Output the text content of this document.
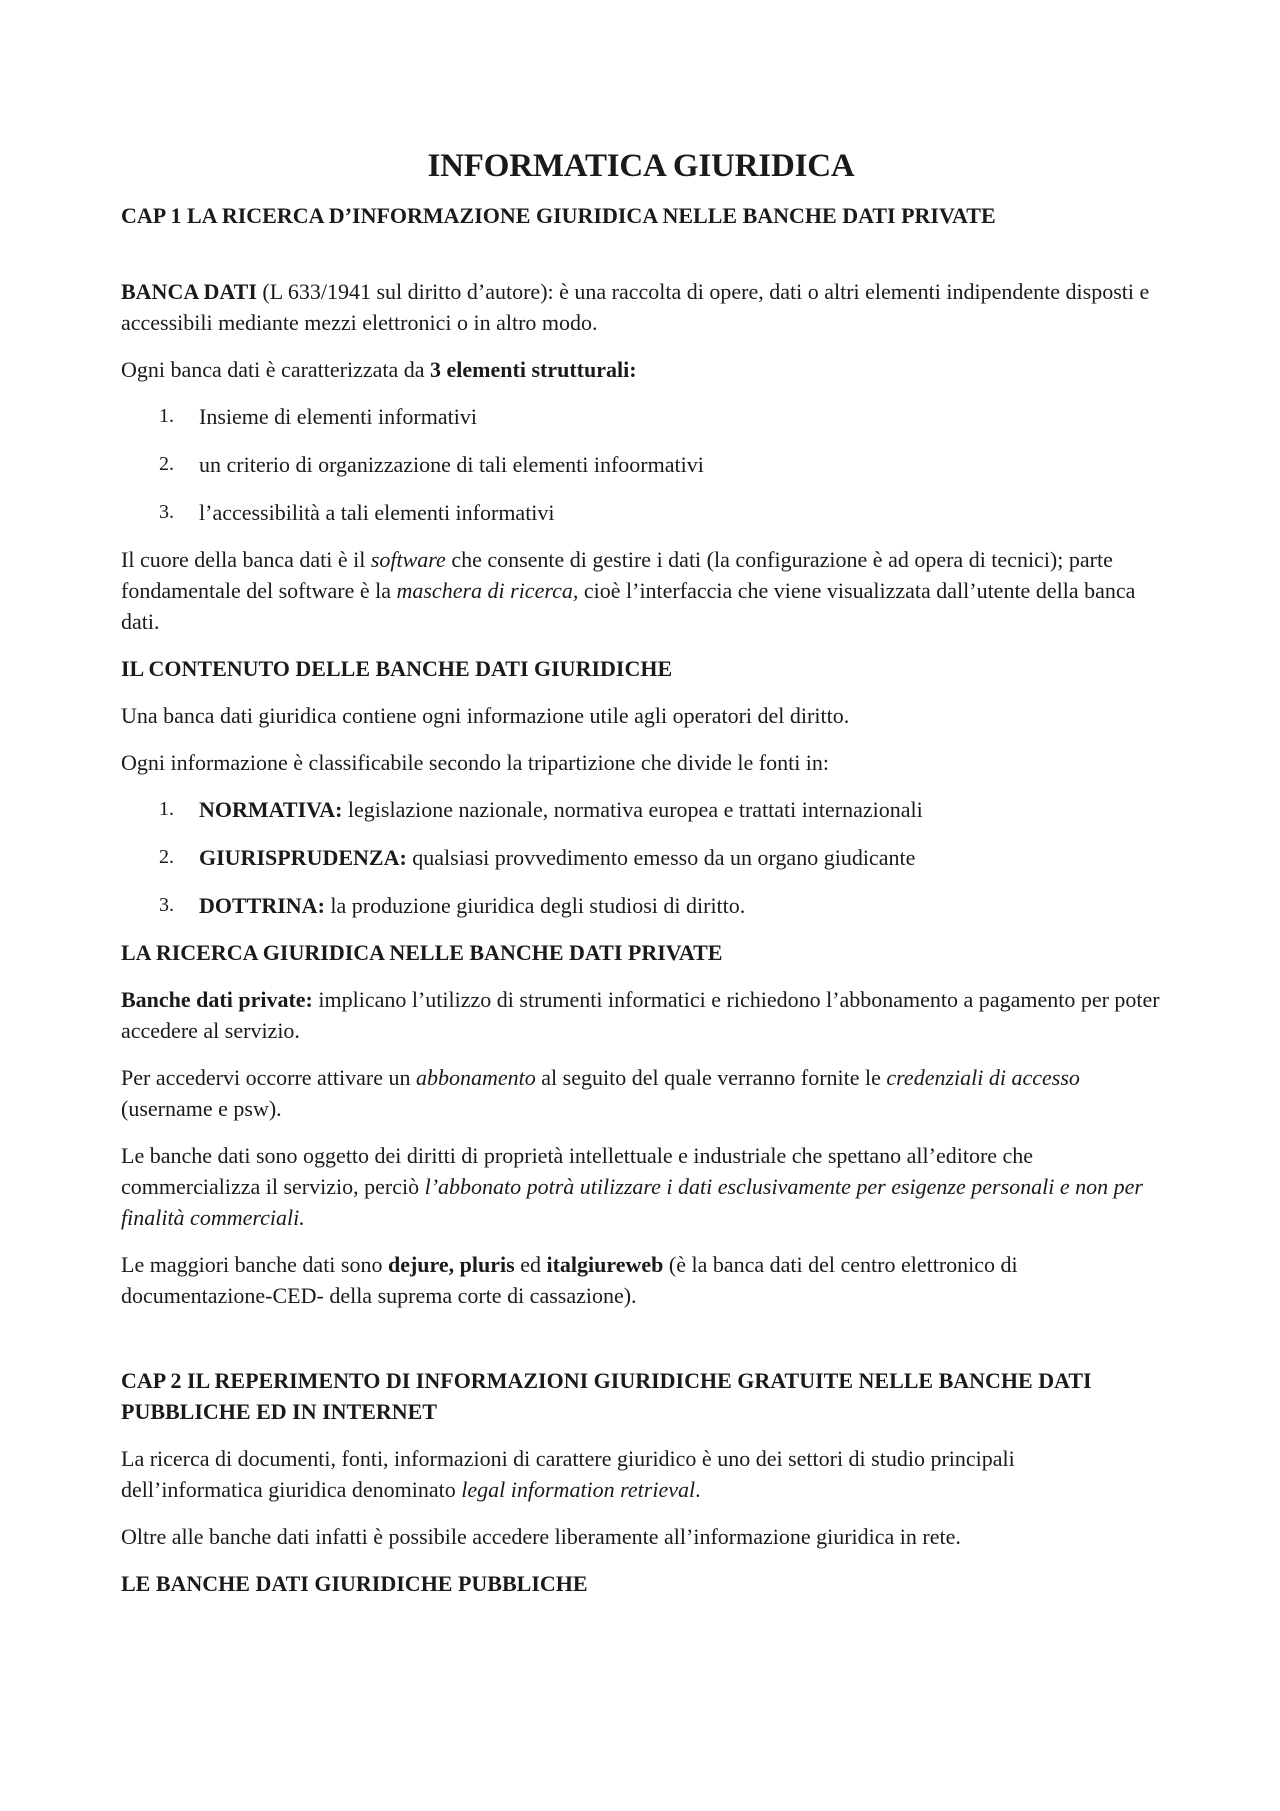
INFORMATICA GIURIDICA
CAP 1 LA RICERCA D’INFORMAZIONE GIURIDICA NELLE BANCHE DATI PRIVATE

BANCA DATI (L 633/1941 sul diritto d’autore): è una raccolta di opere, dati o altri elementi indipendente disposti e accessibili mediante mezzi elettronici o in altro modo.

Ogni banca dati è caratterizzata da 3 elementi strutturali:

1. Insieme di elementi informativi
2. un criterio di organizzazione di tali elementi infoormativi
3. l’accessibilità a tali elementi informativi

Il cuore della banca dati è il software che consente di gestire i dati (la configurazione è ad opera di tecnici); parte fondamentale del software è la maschera di ricerca, cioè l’interfaccia che viene visualizzata dall’utente della banca dati.

IL CONTENUTO DELLE BANCHE DATI GIURIDICHE

Una banca dati giuridica contiene ogni informazione utile agli operatori del diritto.

Ogni informazione è classificabile secondo la tripartizione che divide le fonti in:

1. NORMATIVA: legislazione nazionale, normativa europea e trattati internazionali
2. GIURISPRUDENZA: qualsiasi provvedimento emesso da un organo giudicante
3. DOTTRINA: la produzione giuridica degli studiosi di diritto.
LA RICERCA GIURIDICA NELLE BANCHE DATI PRIVATE

Banche dati private: implicano l’utilizzo di strumenti informatici e richiedono l’abbonamento a pagamento per poter accedere al servizio.

Per accedervi occorre attivare un abbonamento al seguito del quale verranno fornite le credenziali di accesso (username e psw).

Le banche dati sono oggetto dei diritti di proprietà intellettuale e industriale che spettano all’editore che commercializza il servizio, perciò l’abbonato potrà utilizzare i dati esclusivamente per esigenze personali e non per finalità commerciali.

Le maggiori banche dati sono dejure, pluris ed italgiureweb (è la banca dati del centro elettronico di documentazione-CED- della suprema corte di cassazione).

CAP 2 IL REPERIMENTO DI INFORMAZIONI GIURIDICHE GRATUITE NELLE BANCHE DATI PUBBLICHE ED IN INTERNET

La ricerca di documenti, fonti, informazioni di carattere giuridico è uno dei settori di studio principali dell’informatica giuridica denominato legal information retrieval.

Oltre alle banche dati infatti è possibile accedere liberamente all’informazione giuridica in rete.

LE BANCHE DATI GIURIDICHE PUBBLICHE
